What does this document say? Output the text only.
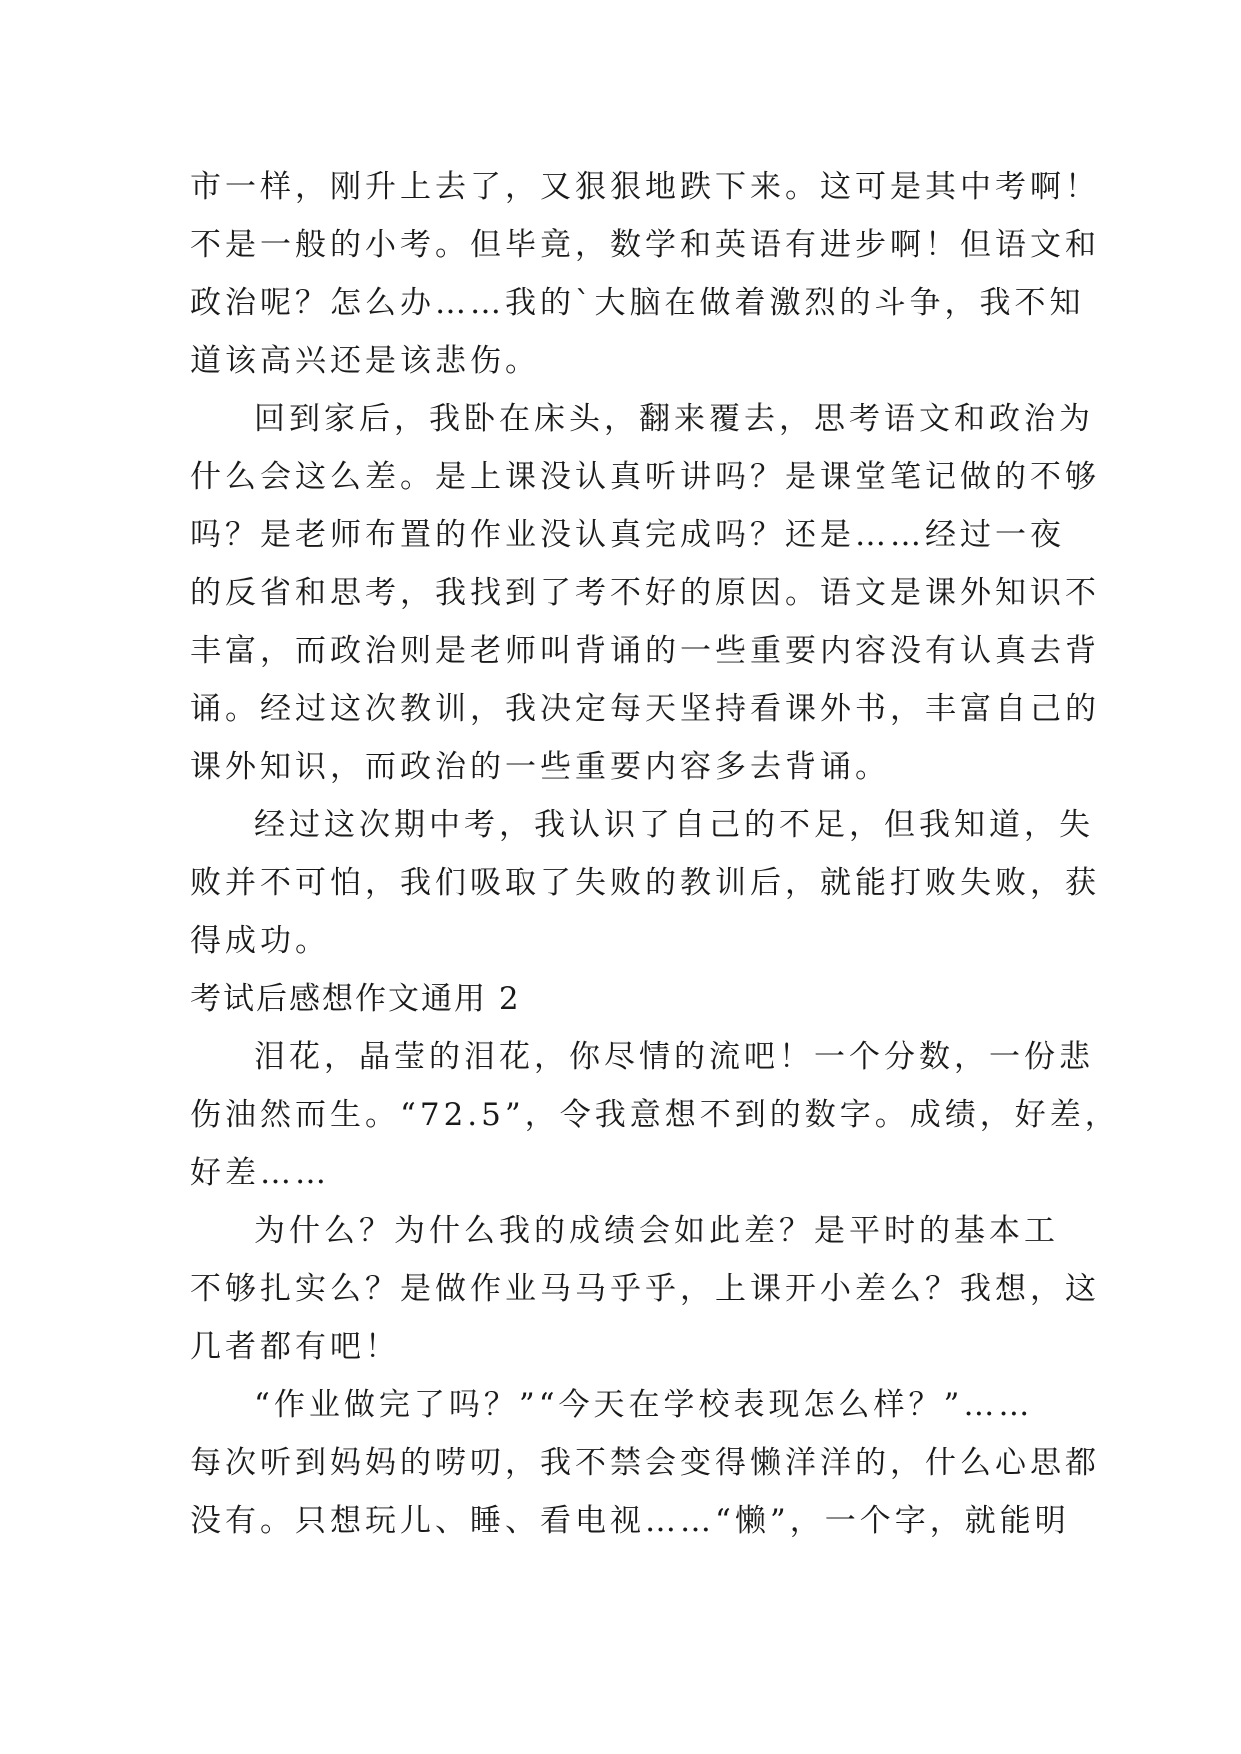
市一样，刚升上去了，又狠狠地跌下来。这可是其中考啊！
不是一般的小考。但毕竟，数学和英语有进步啊！但语文和
政治呢？怎么办……我的`大脑在做着激烈的斗争，我不知
道该高兴还是该悲伤。
回到家后，我卧在床头，翻来覆去，思考语文和政治为
什么会这么差。是上课没认真听讲吗？是课堂笔记做的不够
吗？是老师布置的作业没认真完成吗？还是……经过一夜
的反省和思考，我找到了考不好的原因。语文是课外知识不
丰富，而政治则是老师叫背诵的一些重要内容没有认真去背
诵。经过这次教训，我决定每天坚持看课外书，丰富自己的
课外知识，而政治的一些重要内容多去背诵。
经过这次期中考，我认识了自己的不足，但我知道，失
败并不可怕，我们吸取了失败的教训后，就能打败失败，获
得成功。
考试后感想作文通用 2
泪花，晶莹的泪花，你尽情的流吧！一个分数，一份悲
伤油然而生。“72.5”，令我意想不到的数字。成绩，好差，
好差……
为什么？为什么我的成绩会如此差？是平时的基本工
不够扎实么？是做作业马马乎乎，上课开小差么？我想，这
几者都有吧！
“作业做完了吗？”“今天在学校表现怎么样？”……
每次听到妈妈的唠叨，我不禁会变得懒洋洋的，什么心思都
没有。只想玩儿、睡、看电视……“懒”，一个字，就能明
